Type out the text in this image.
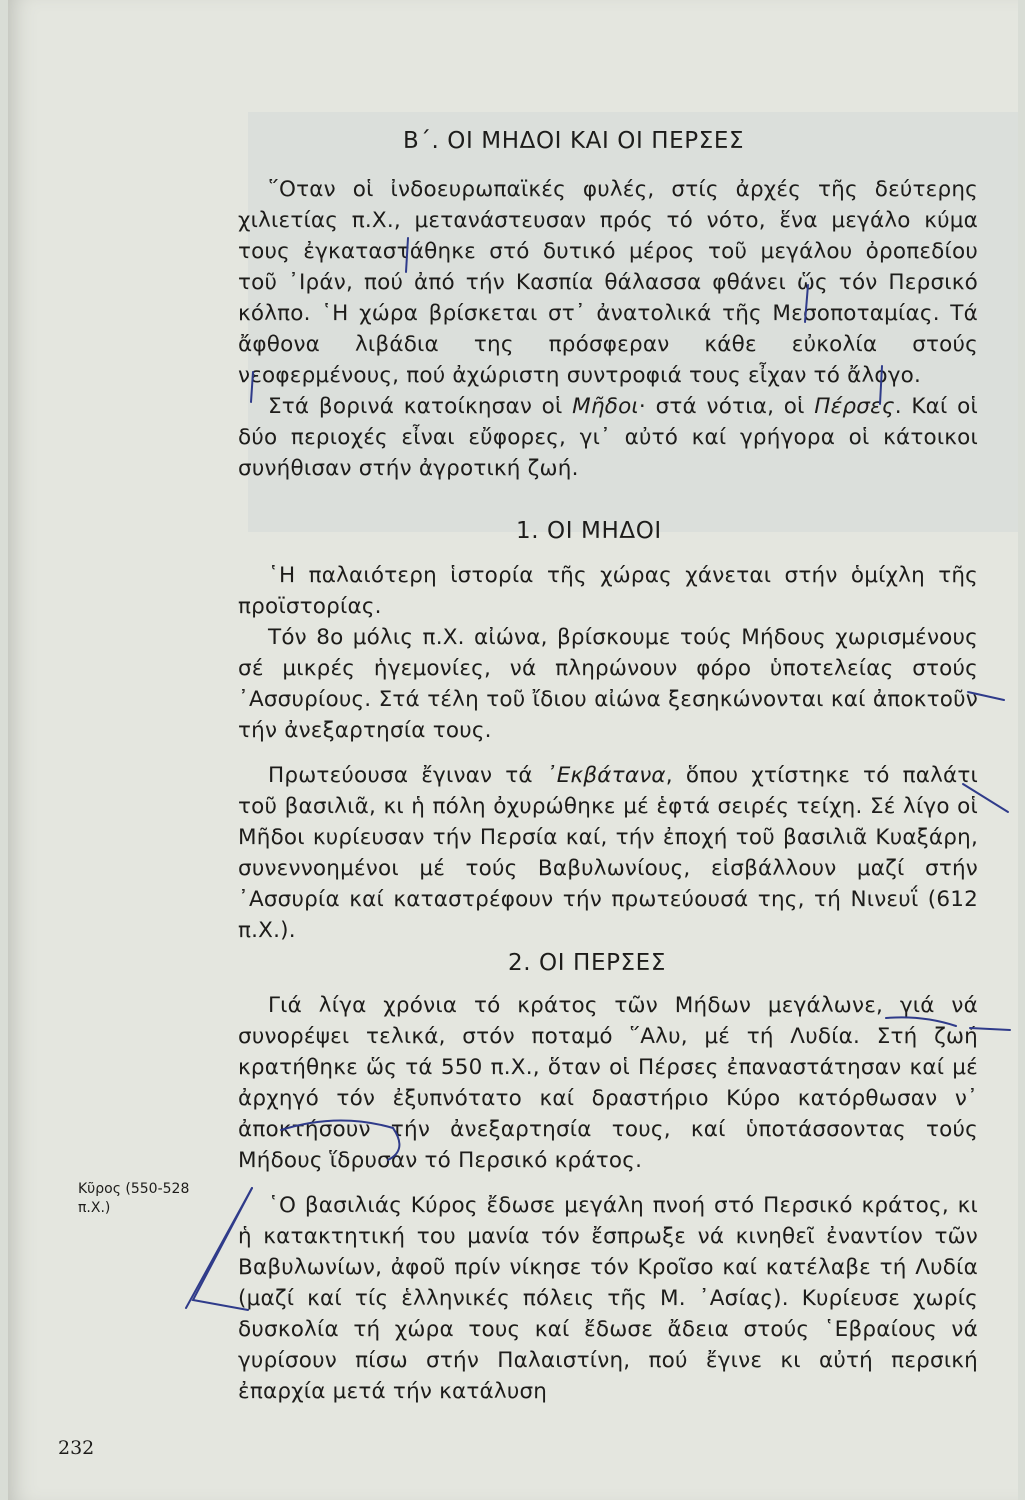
Β΄. ΟΙ ΜΗΔΟΙ ΚΑΙ ΟΙ ΠΕΡΣΕΣ

῞Οταν οἱ ἰνδοευρωπαϊκές φυλές, στίς ἀρχές τῆς δεύτερης χιλιετίας π.Χ., μετανάστευσαν πρός τό νότο, ἕνα μεγάλο κύμα τους ἐγκαταστάθηκε στό δυτικό μέρος τοῦ μεγάλου ὀροπεδίου τοῦ ᾿Ιράν, πού ἀπό τήν Κασπία θάλασσα φθάνει ὥς τόν Περσικό κόλπο. ῾Η χώρα βρίσκεται στ᾿ ἀνατολικά τῆς Μεσοποταμίας. Τά ἄφθονα λιβάδια της πρόσφεραν κάθε εὐκολία στούς νεοφερμένους, πού ἀχώριστη συντροφιά τους εἶχαν τό ἄλογο.

Στά βορινά κατοίκησαν οἱ Μῆδοι· στά νότια, οἱ Πέρσες. Καί οἱ δύο περιοχές εἶναι εὔφορες, γι᾿ αὐτό καί γρήγορα οἱ κάτοικοι συνήθισαν στήν ἀγροτική ζωή.

1. ΟΙ ΜΗΔΟΙ

῾Η παλαιότερη ἱστορία τῆς χώρας χάνεται στήν ὁμίχλη τῆς προϊστορίας.

Τόν 8ο μόλις π.Χ. αἰώνα, βρίσκουμε τούς Μήδους χωρισμένους σέ μικρές ἡγεμονίες, νά πληρώνουν φόρο ὑποτελείας στούς ᾿Ασσυρίους. Στά τέλη τοῦ ἴδιου αἰώνα ξεσηκώνονται καί ἀποκτοῦν τήν ἀνεξαρτησία τους.

Πρωτεύουσα ἔγιναν τά ᾿Εκβάτανα, ὅπου χτίστηκε τό παλάτι τοῦ βασιλιᾶ, κι ἡ πόλη ὀχυρώθηκε μέ ἑφτά σειρές τείχη. Σέ λίγο οἱ Μῆδοι κυρίευσαν τήν Περσία καί, τήν ἐποχή τοῦ βασιλιᾶ Κυαξάρη, συνεννοημένοι μέ τούς Βαβυλωνίους, εἰσβάλλουν μαζί στήν ᾿Ασσυρία καί καταστρέφουν τήν πρωτεύουσά της, τή Νινευΐ (612 π.Χ.).

2. ΟΙ ΠΕΡΣΕΣ

Γιά λίγα χρόνια τό κράτος τῶν Μήδων μεγάλωνε, γιά νά συνορέψει τελικά, στόν ποταμό ῞Αλυ, μέ τή Λυδία. Στή ζωή κρατήθηκε ὥς τά 550 π.Χ., ὅταν οἱ Πέρσες ἐπαναστάτησαν καί μέ ἀρχηγό τόν ἐξυπνότατο καί δραστήριο Κύρο κατόρθωσαν ν᾿ ἀποκτήσουν τήν ἀνεξαρτησία τους, καί ὑποτάσσοντας τούς Μήδους ἵδρυσαν τό Περσικό κράτος.

῾Ο βασιλιάς Κύρος ἔδωσε μεγάλη πνοή στό Περσικό κράτος, κι ἡ κατακτητική του μανία τόν ἔσπρωξε νά κινηθεῖ ἐναντίον τῶν Βαβυλωνίων, ἀφοῦ πρίν νίκησε τόν Κροῖσο καί κατέλαβε τή Λυδία (μαζί καί τίς ἑλληνικές πόλεις τῆς Μ. ᾿Ασίας). Κυρίευσε χωρίς δυσκολία τή χώρα τους καί ἔδωσε ἄδεια στούς ῾Εβραίους νά γυρίσουν πίσω στήν Παλαιστίνη, πού ἔγινε κι αὐτή περσική ἐπαρχία μετά τήν κατάλυση

Κῦρος (550-528 π.Χ.)
232
